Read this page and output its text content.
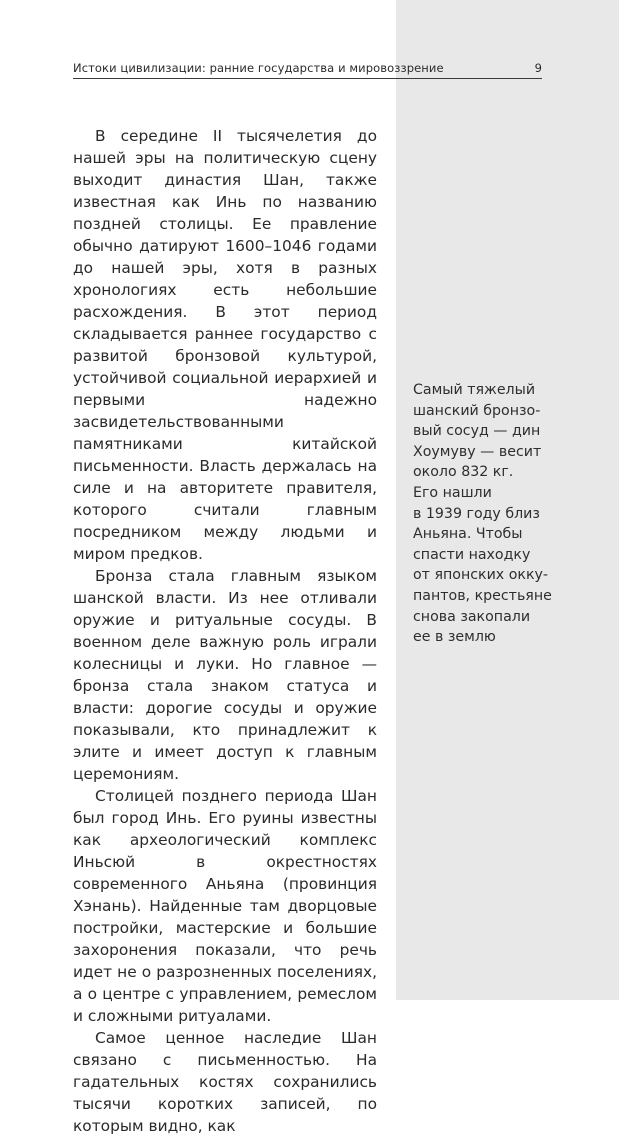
Истоки цивилизации: ранние государства и мировоззрение	9

В середине II тысячелетия до нашей эры на политическую сцену выходит династия Шан, также известная как Инь по названию поздней столицы. Ее правление обычно датируют 1600–1046 годами до нашей эры, хотя в разных хронологиях есть небольшие расхождения. В этот период складывается раннее государство с развитой бронзовой культурой, устойчивой социальной иерархией и первыми надежно засвидетельствованными памятниками китайской письменности. Власть держалась на силе и на авторитете правителя, которого считали главным посредником между людьми и миром предков.

Бронза стала главным языком шанской власти. Из нее отливали оружие и ритуальные сосуды. В военном деле важную роль играли колесницы и луки. Но главное — бронза стала знаком статуса и власти: дорогие сосуды и оружие показывали, кто принадлежит к элите и имеет доступ к главным церемониям.

Столицей позднего периода Шан был город Инь. Его руины известны как археологический комплекс Иньсюй в окрестностях современного Аньяна (провинция Хэнань). Найденные там дворцовые постройки, мастерские и большие захоронения показали, что речь идет не о разрозненных поселениях, а о центре с управлением, ремеслом и сложными ритуалами.

Самое ценное наследие Шан связано с письменностью. На гадательных костях сохранились тысячи коротких записей, по которым видно, как

Самый тяжелый
шанский бронзо-
вый сосуд — дин
Хоумуву — весит
около 832 кг.
Его нашли
в 1939 году близ
Аньяна. Чтобы
спасти находку
от японских окку-
пантов, крестьяне
снова закопали
ее в землю
